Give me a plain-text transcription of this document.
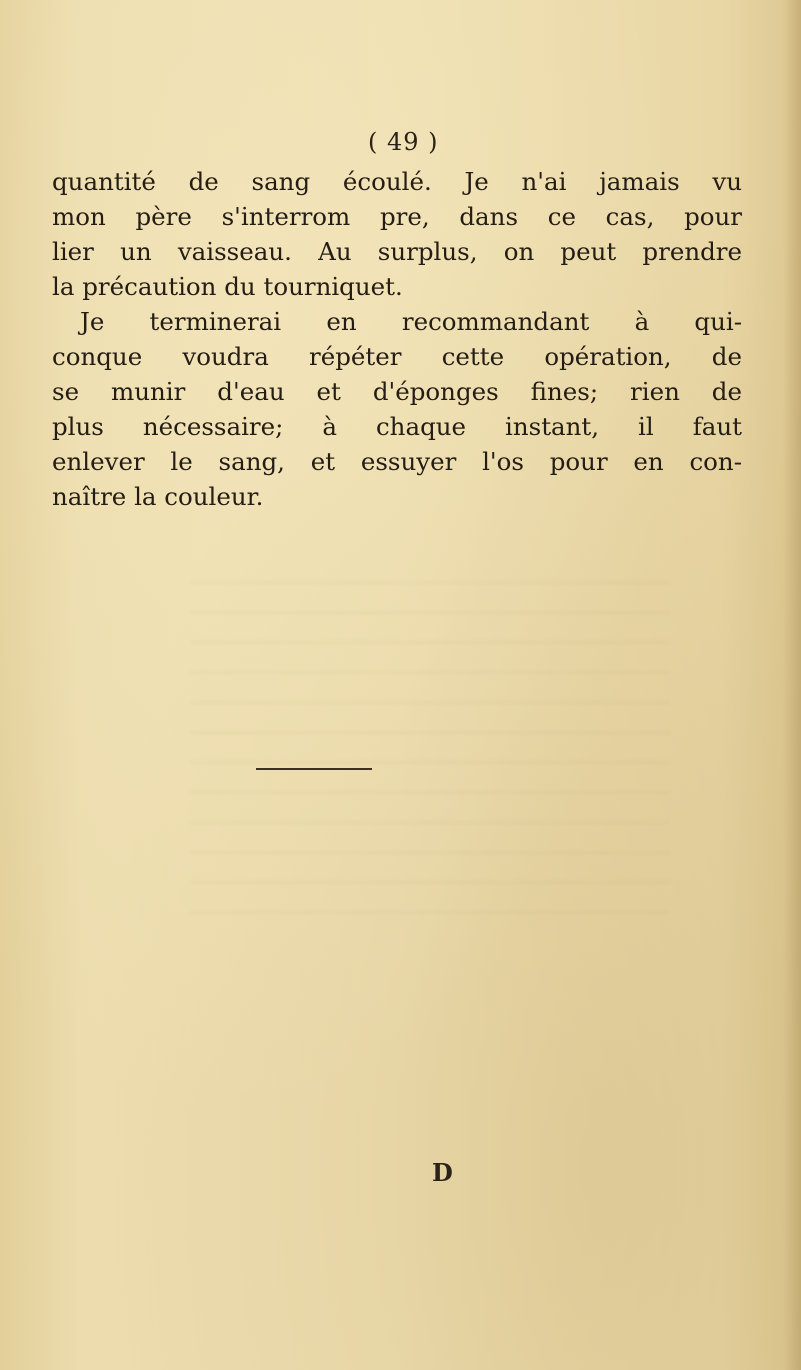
( 49 )
quantité de sang écoulé. Je n'ai jamais vu
mon père s'interrom pre, dans ce cas, pour
lier un vaisseau. Au surplus, on peut prendre
la précaution du tourniquet.
Je terminerai en recommandant à qui-
conque voudra répéter cette opération, de
se munir d'eau et d'éponges fines; rien de
plus nécessaire; à chaque instant, il faut
enlever le sang, et essuyer l'os pour en con-
naître la couleur.
D
